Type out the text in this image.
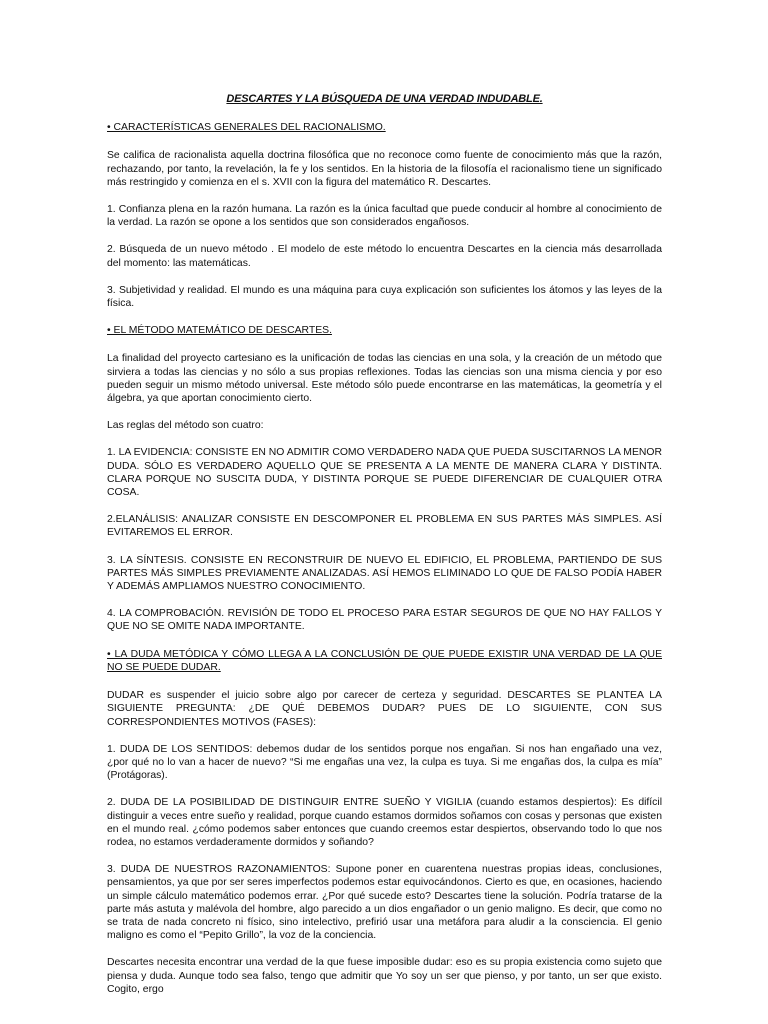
DESCARTES Y LA BÚSQUEDA DE UNA VERDAD INDUDABLE.
• CARACTERÍSTICAS GENERALES DEL RACIONALISMO.

Se califica de racionalista aquella doctrina filosófica que no reconoce como fuente de conocimiento más que la razón, rechazando, por tanto, la revelación, la fe y los sentidos. En la historia de la filosofía el racionalismo tiene un significado más restringido y comienza en el s. XVII con la figura del matemático R. Descartes.

1. Confianza plena en la razón humana. La razón es la única facultad que puede conducir al hombre al conocimiento de la verdad. La razón se opone a los sentidos que son considerados engañosos.

2. Búsqueda de un nuevo método . El modelo de este método lo encuentra Descartes en la ciencia más desarrollada del momento: las matemáticas.

3. Subjetividad y realidad. El mundo es una máquina para cuya explicación son suficientes los átomos y las leyes de la física.

• EL MÉTODO MATEMÁTICO DE DESCARTES.

La finalidad del proyecto cartesiano es la unificación de todas las ciencias en una sola, y la creación de un método que sirviera a todas las ciencias y no sólo a sus propias reflexiones. Todas las ciencias son una misma ciencia y por eso pueden seguir un mismo método universal. Este método sólo puede encontrarse en las matemáticas, la geometría y el álgebra, ya que aportan conocimiento cierto.

Las reglas del método son cuatro:

1. LA EVIDENCIA: CONSISTE EN NO ADMITIR COMO VERDADERO NADA QUE PUEDA SUSCITARNOS LA MENOR DUDA. SÓLO ES VERDADERO AQUELLO QUE SE PRESENTA A LA MENTE DE MANERA CLARA Y DISTINTA. CLARA PORQUE NO SUSCITA DUDA, Y DISTINTA PORQUE SE PUEDE DIFERENCIAR DE CUALQUIER OTRA COSA.

2.ELANÁLISIS: ANALIZAR CONSISTE EN DESCOMPONER EL PROBLEMA EN SUS PARTES MÁS SIMPLES. ASÍ EVITAREMOS EL ERROR.

3. LA SÍNTESIS. CONSISTE EN RECONSTRUIR DE NUEVO EL EDIFICIO, EL PROBLEMA, PARTIENDO DE SUS PARTES MÁS SIMPLES PREVIAMENTE ANALIZADAS. ASÍ HEMOS ELIMINADO LO QUE DE FALSO PODÍA HABER Y ADEMÁS AMPLIAMOS NUESTRO CONOCIMIENTO.

4. LA COMPROBACIÓN. REVISIÓN DE TODO EL PROCESO PARA ESTAR SEGUROS DE QUE NO HAY FALLOS Y QUE NO SE OMITE NADA IMPORTANTE.

• LA DUDA METÓDICA Y CÓMO LLEGA A LA CONCLUSIÓN DE QUE PUEDE EXISTIR UNA VERDAD DE LA QUE NO SE PUEDE DUDAR.

DUDAR es suspender el juicio sobre algo por carecer de certeza y seguridad. DESCARTES SE PLANTEA LA SIGUIENTE PREGUNTA: ¿DE QUÉ DEBEMOS DUDAR? PUES DE LO SIGUIENTE, CON SUS CORRESPONDIENTES MOTIVOS (FASES):

1. DUDA DE LOS SENTIDOS: debemos dudar de los sentidos porque nos engañan. Si nos han engañado una vez, ¿por qué no lo van a hacer de nuevo? “Si me engañas una vez, la culpa es tuya. Si me engañas dos, la culpa es mía” (Protágoras).

2. DUDA DE LA POSIBILIDAD DE DISTINGUIR ENTRE SUEÑO Y VIGILIA (cuando estamos despiertos): Es difícil distinguir a veces entre sueño y realidad, porque cuando estamos dormidos soñamos con cosas y personas que existen en el mundo real. ¿cómo podemos saber entonces que cuando creemos estar despiertos, observando todo lo que nos rodea, no estamos verdaderamente dormidos y soñando?

3. DUDA DE NUESTROS RAZONAMIENTOS: Supone poner en cuarentena nuestras propias ideas, conclusiones, pensamientos, ya que por ser seres imperfectos podemos estar equivocándonos. Cierto es que, en ocasiones, haciendo un simple cálculo matemático podemos errar. ¿Por qué sucede esto? Descartes tiene la solución. Podría tratarse de la parte más astuta y malévola del hombre, algo parecido a un dios engañador o un genio maligno. Es decir, que como no se trata de nada concreto ni físico, sino intelectivo, prefirió usar una metáfora para aludir a la consciencia. El genio maligno es como el “Pepito Grillo”, la voz de la conciencia.

Descartes necesita encontrar una verdad de la que fuese imposible dudar: eso es su propia existencia como sujeto que piensa y duda. Aunque todo sea falso, tengo que admitir que Yo soy un ser que pienso, y por tanto, un ser que existo. Cogito, ergo
